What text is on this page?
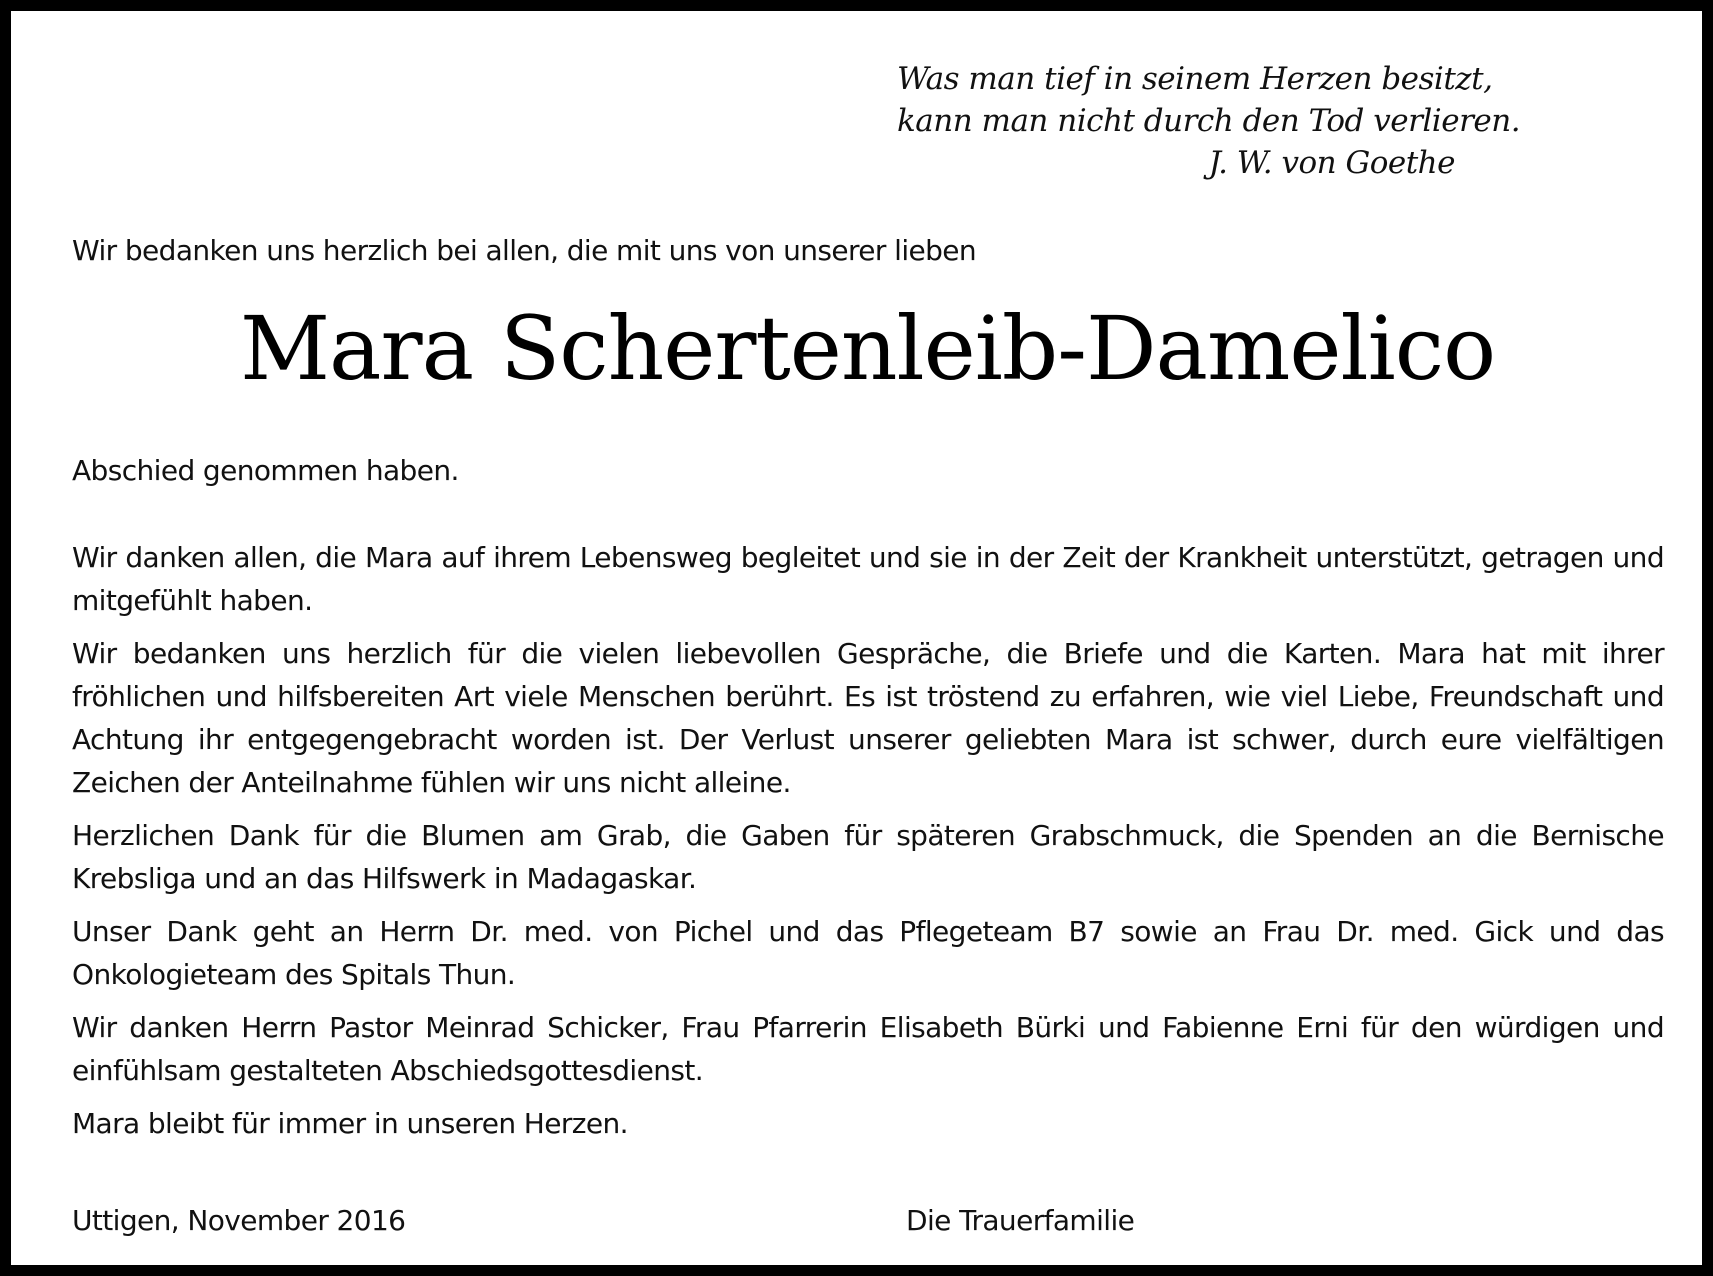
Was man tief in seinem Herzen besitzt,
kann man nicht durch den Tod verlieren.
J. W. von Goethe
Wir bedanken uns herzlich bei allen, die mit uns von unserer lieben
Mara Schertenleib-Damelico
Abschied genommen haben.

Wir danken allen, die Mara auf ihrem Lebensweg begleitet und sie in der Zeit der Krankheit unterstützt, getragen und mitgefühlt haben.

Wir bedanken uns herzlich für die vielen liebevollen Gespräche, die Briefe und die Karten. Mara hat mit ihrer fröhlichen und hilfsbereiten Art viele Menschen berührt. Es ist tröstend zu erfahren, wie viel Liebe, Freundschaft und Achtung ihr entgegengebracht worden ist. Der Verlust unserer geliebten Mara ist schwer, durch eure vielfältigen Zeichen der Anteilnahme fühlen wir uns nicht alleine.

Herzlichen Dank für die Blumen am Grab, die Gaben für späteren Grabschmuck, die Spenden an die Bernische Krebsliga und an das Hilfswerk in Madagaskar.

Unser Dank geht an Herrn Dr. med. von Pichel und das Pflegeteam B7 sowie an Frau Dr. med. Gick und das Onkologieteam des Spitals Thun.

Wir danken Herrn Pastor Meinrad Schicker, Frau Pfarrerin Elisabeth Bürki und Fabienne Erni für den würdigen und einfühlsam gestalteten Abschiedsgottesdienst.

Mara bleibt für immer in unseren Herzen.

Uttigen, November 2016	Die Trauerfamilie
